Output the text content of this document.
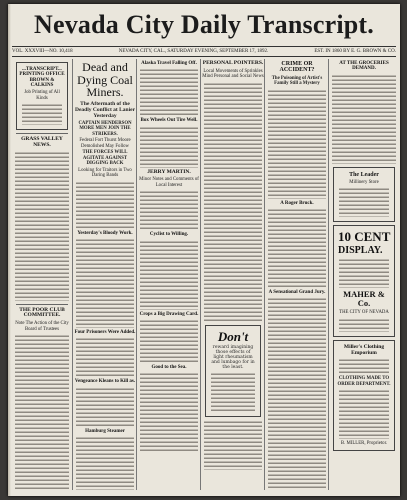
Nevada City Daily Transcript.
VOL. XXXVIII—NO. 10,418	NEVADA CITY, CAL., SATURDAY EVENING, SEPTEMBER 17, 1892.	EST. IN 1860 BY E. G. BROWN & CO.
...TRANSCRIPT... PRINTING OFFICE BROWN & CALKINS
Job Printing of All Kinds
GRASS VALLEY NEWS.
THE POOR CLUB COMMITTEE.
Note The Action of the City Board of Trustees
Dead and Dying Coal Miners.
The Aftermath of the Deadly Conflict at Lanier Yesterday
CAPTAIN HENDERSON MORE MEN JOIN THE STRIKERS.
Federal Fort Thurst Moore Demolished May Follow
THE FORCES WILL AGITATE AGAINST DIGGING BACK
Looking for Traitors in Two Daring Bands
Yesterday's Bloody Work.
Four Prisoners Were Added.
Vengeance Kleans to Kill as.
Hamburg Steamer
Alaska Travel Falling Off.
Box Wheels Out Tire Well.
JERRY MARTIN.
Minor Notes and Comments of Local Interest
Cyclist to Willing.
Crops a Big Drawing Card.
Good to the Sea.
PERSONAL POINTERS.
Local Movements of Sprinkles Mind Personal and Social News
Don't
reward imagining those effects of light rheumatism and lumbago for in the least.
CRIME OR ACCIDENT?
The Poisoning of Artist's Family Still a Mystery
A Roger Bruck.
A Sensational Grand Jury.
AT THE GROCERIES DEMAND.
The Leader
Millinery Store
10 CENT
DISPLAY.
MAHER & Co.
THE CITY OF NEVADA
Miller's Clothing Emporium
CLOTHING MADE TO ORDER DEPARTMENT.
B. MILLER, Proprietor.
